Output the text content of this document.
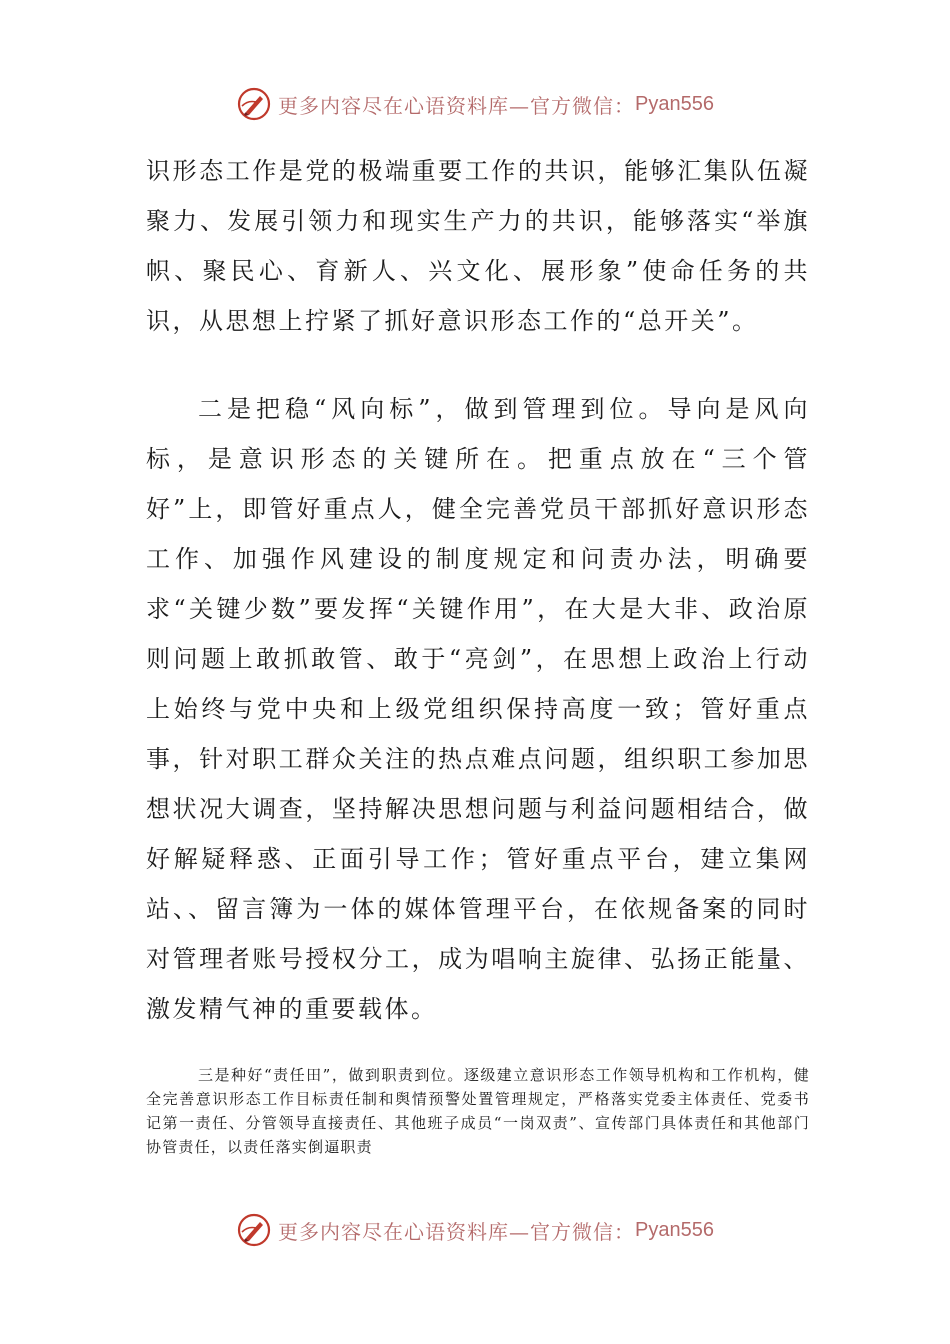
更多内容尽在心语资料库—官方微信： Pyan556

识形态工作是党的极端重要工作的共识，能够汇集队伍凝聚力、发展引领力和现实生产力的共识，能够落实“举旗帜、聚民心、育新人、兴文化、展形象”使命任务的共识，从思想上拧紧了抓好意识形态工作的“总开关”。

二是把稳“风向标”，做到管理到位。导向是风向标，是意识形态的关键所在。把重点放在“三个管好”上，即管好重点人，健全完善党员干部抓好意识形态工作、加强作风建设的制度规定和问责办法，明确要求“关键少数”要发挥“关键作用”，在大是大非、政治原则问题上敢抓敢管、敢于“亮剑”，在思想上政治上行动上始终与党中央和上级党组织保持高度一致；管好重点事，针对职工群众关注的热点难点问题，组织职工参加思想状况大调查，坚持解决思想问题与利益问题相结合，做好解疑释惑、正面引导工作；管好重点平台，建立集网站、、留言簿为一体的媒体管理平台，在依规备案的同时对管理者账号授权分工，成为唱响主旋律、弘扬正能量、激发精气神的重要载体。

三是种好“责任田”，做到职责到位。逐级建立意识形态工作领导机构和工作机构，健全完善意识形态工作目标责任制和舆情预警处置管理规定，严格落实党委主体责任、党委书记第一责任、分管领导直接责任、其他班子成员“一岗双责”、宣传部门具体责任和其他部门协管责任，以责任落实倒逼职责

更多内容尽在心语资料库—官方微信： Pyan556
